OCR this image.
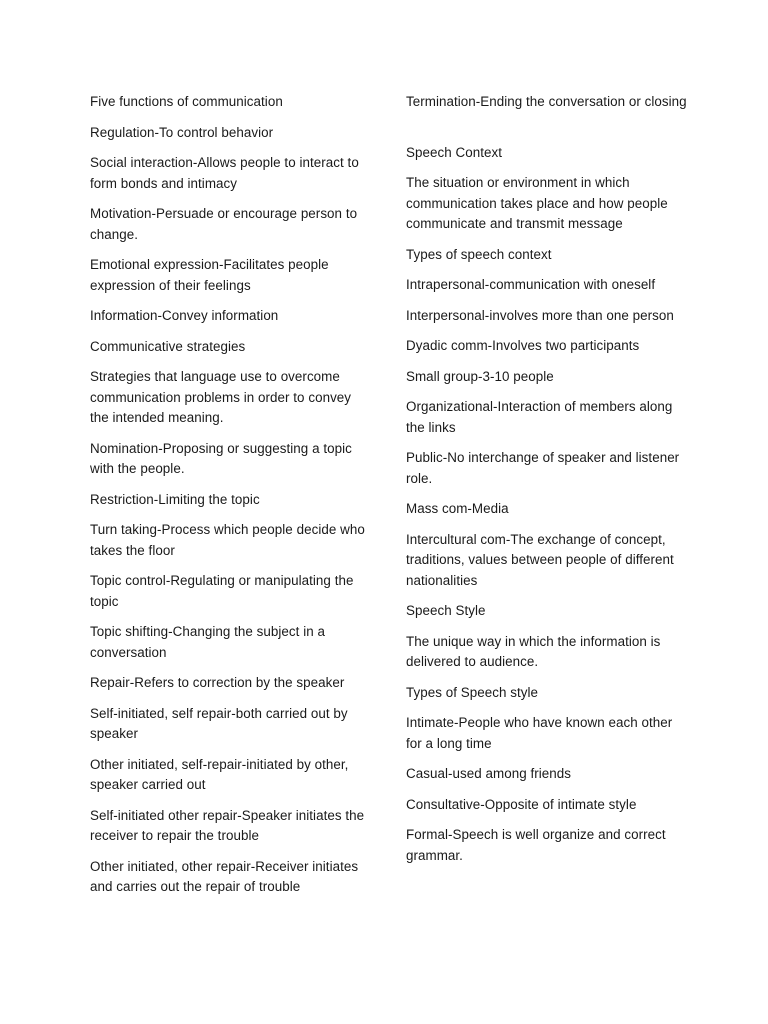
Five functions of communication

Regulation-To control behavior

Social interaction-Allows people to interact to form bonds and intimacy

Motivation-Persuade or encourage person to change.

Emotional expression-Facilitates people expression of their feelings

Information-Convey information

Communicative strategies

Strategies that language use to overcome communication problems in order to convey the intended meaning.

Nomination-Proposing or suggesting a topic with the people.

Restriction-Limiting the topic

Turn taking-Process which people decide who takes the floor

Topic control-Regulating or manipulating the topic

Topic shifting-Changing the subject in a conversation

Repair-Refers to correction by the speaker

Self-initiated, self repair-both carried out by speaker

Other initiated, self-repair-initiated by other, speaker carried out

Self-initiated other repair-Speaker initiates the receiver to repair the trouble

Other initiated, other repair-Receiver initiates and carries out the repair of trouble

Termination-Ending the conversation or closing

Speech Context

The situation or environment in which communication takes place and how people communicate and transmit message

Types of speech context

Intrapersonal-communication with oneself

Interpersonal-involves more than one person

Dyadic comm-Involves two participants

Small group-3-10 people

Organizational-Interaction of members along the links

Public-No interchange of speaker and listener role.

Mass com-Media

Intercultural com-The exchange of concept, traditions, values between people of different nationalities

Speech Style

The unique way in which the information is delivered to audience.

Types of Speech style

Intimate-People who have known each other for a long time

Casual-used among friends

Consultative-Opposite of intimate style

Formal-Speech is well organize and correct grammar.
